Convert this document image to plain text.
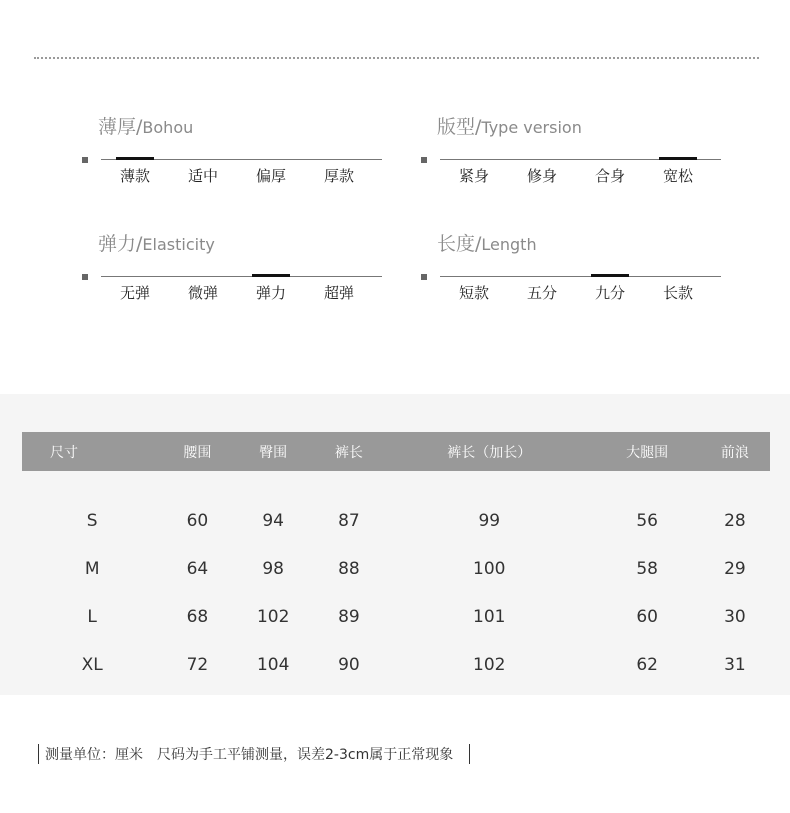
薄厚/Bohou
薄款	适中	偏厚	厚款
版型/Type version
紧身	修身	合身	宽松
弹力/Elasticity
无弹	微弹	弹力	超弹
长度/Length
短款	五分	九分	长款
尺寸	腰围	臀围	裤长	裤长（加长）	大腿围	前浪
S	60	94	87	99	56	28
M	64	98	88	100	58	29
L	68	102	89	101	60	30
XL	72	104	90	102	62	31
测量单位：厘米 尺码为手工平铺测量，误差2-3cm属于正常现象
